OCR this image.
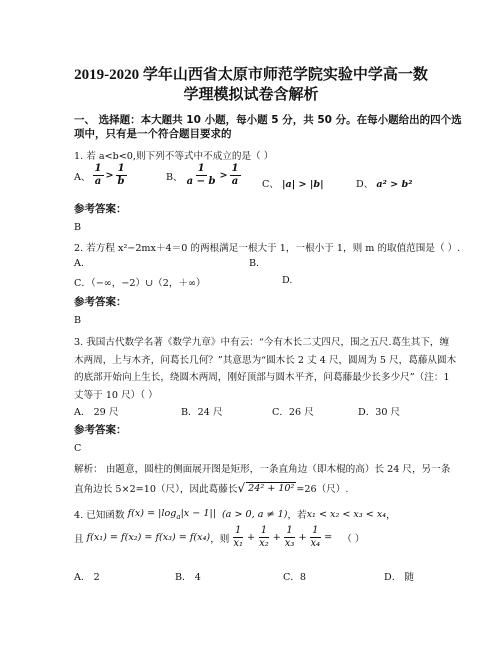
2019-2020 学年山西省太原市师范学院实验中学高一数
学理模拟试卷含解析
一、 选择题：本大题共 10 小题，每小题 5 分，共 50 分。在每小题给出的四个选
项中，只有是一个符合题目要求的
1. 若 a<b<0,则下列不等式中不成立的是（ ）
A、 $\frac{1}{a} > \frac{1}{b}$	B、 $\frac{1}{a - b} > \frac{1}{a}$ C、 |a| > |b|	D、 a² > b²
参考答案：
B
2. 若方程 x²−2mx＋4＝0 的两根满足一根大于 1，一根小于 1，则 m 的取值范围是（ ）.
A.	B.
C．（−∞，−2）∪（2，＋∞）	D.
参考答案：
B
3. 我国古代数学名著《数学九章》中有云：“今有木长二丈四尺，围之五尺.葛生其下，缠
木两周，上与木齐，问葛长几何？”其意思为“圆木长 2 丈 4 尺，圆周为 5 尺，葛藤从圆木
的底部开始向上生长，绕圆木两周，刚好顶部与圆木平齐，问葛藤最少长多少尺”（注：1
丈等于 10 尺）（ ）
A． 29 尺	B．24 尺	C．26 尺	D．30 尺
参考答案：
C
解析： 由题意，圆柱的侧面展开图是矩形，一条直角边（即木棍的高）长 24 尺，另一条
直角边长 5×2=10（尺），因此葛藤长 √ 24² + 10² =26（尺）.
4. 已知函数 $f(x) = |\log_a|x - 1||$ (a > 0, a ≠ 1) ，若 x₁ < x₂ < x₃ < x₄ ，
且 f(x₁) = f(x₂) = f(x₃) = f(x₄) ，则 $\frac{1}{\text{x₁}} + \frac{1}{\text{x₂}} + \frac{1}{\text{x₃}} + \frac{1}{\text{x₄}}$ = （ ）
A． 2	B． 4	C．8	D． 随
